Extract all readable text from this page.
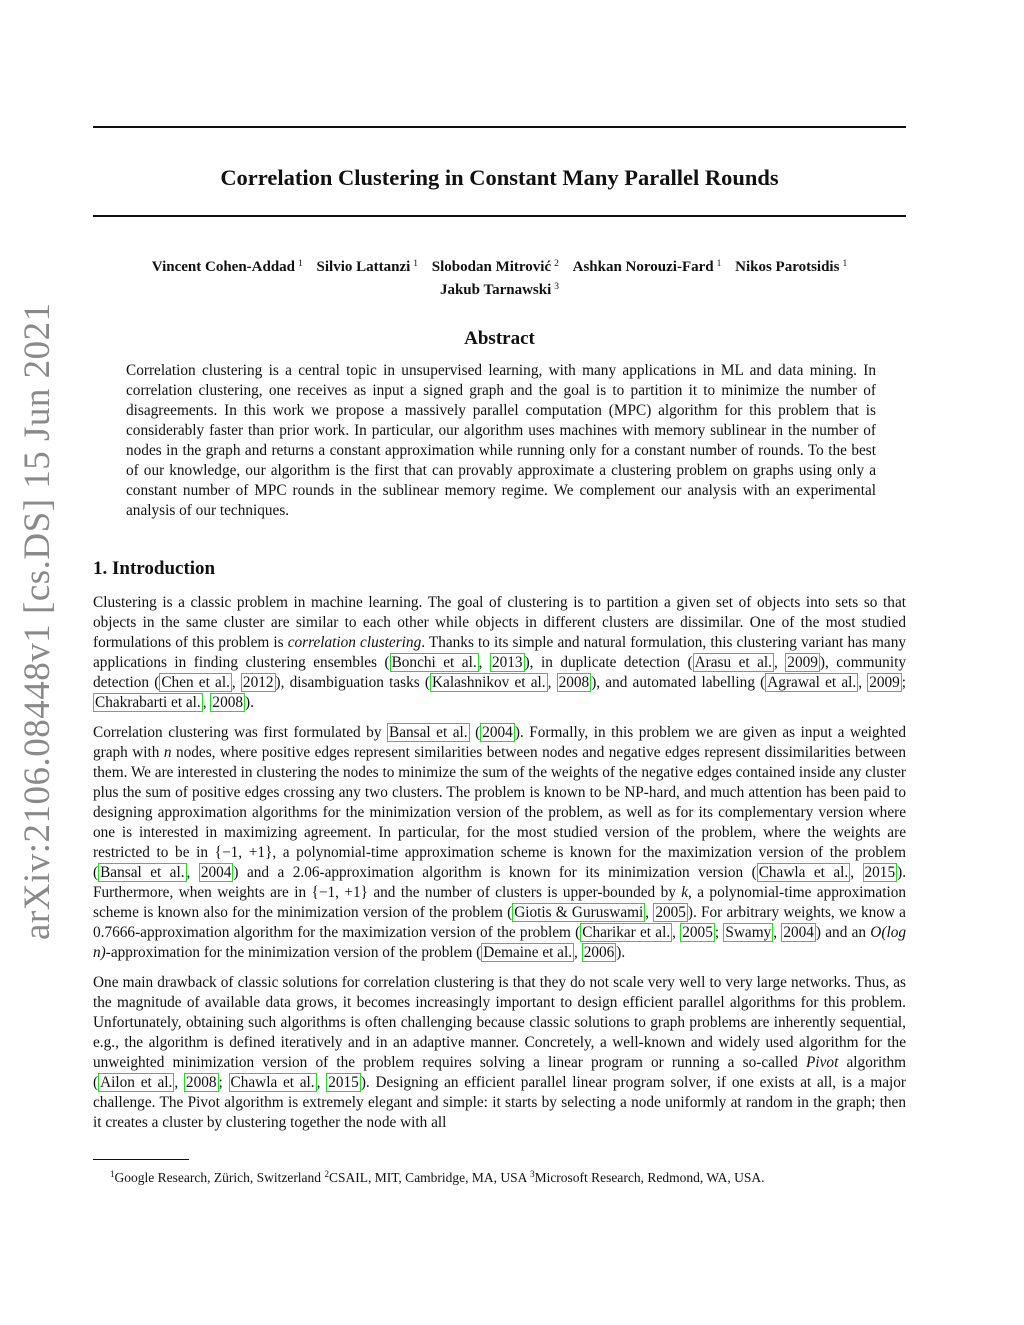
arXiv:2106.08448v1 [cs.DS] 15 Jun 2021
Correlation Clustering in Constant Many Parallel Rounds
Vincent Cohen-Addad $^1$ Silvio Lattanzi $^1$ Slobodan Mitrović $^2$ Ashkan Norouzi-Fard $^1$ Nikos Parotsidis $^1$
Jakub Tarnawski $^3$
Abstract

Correlation clustering is a central topic in unsupervised learning, with many applications in ML and data mining. In correlation clustering, one receives as input a signed graph and the goal is to partition it to minimize the number of disagreements. In this work we propose a massively parallel computation (MPC) algorithm for this problem that is considerably faster than prior work. In particular, our algorithm uses machines with memory sublinear in the number of nodes in the graph and returns a constant approximation while running only for a constant number of rounds. To the best of our knowledge, our algorithm is the first that can provably approximate a clustering problem on graphs using only a constant number of MPC rounds in the sublinear memory regime. We complement our analysis with an experimental analysis of our techniques.

1. Introduction

Clustering is a classic problem in machine learning. The goal of clustering is to partition a given set of objects into sets so that objects in the same cluster are similar to each other while objects in different clusters are dissimilar. One of the most studied formulations of this problem is correlation clustering. Thanks to its simple and natural formulation, this clustering variant has many applications in finding clustering ensembles ( Bonchi et al. , 2013 ), in duplicate detection ( Arasu et al. , 2009 ), community detection ( Chen et al. , 2012 ), disambiguation tasks ( Kalashnikov et al. , 2008 ), and automated labelling ( Agrawal et al. , 2009 ; Chakrabarti et al. , 2008 ).

Correlation clustering was first formulated by Bansal et al. ( 2004 ). Formally, in this problem we are given as input a weighted graph with n nodes, where positive edges represent similarities between nodes and negative edges represent dissimilarities between them. We are interested in clustering the nodes to minimize the sum of the weights of the negative edges contained inside any cluster plus the sum of positive edges crossing any two clusters. The problem is known to be NP-hard, and much attention has been paid to designing approximation algorithms for the minimization version of the problem, as well as for its complementary version where one is interested in maximizing agreement. In particular, for the most studied version of the problem, where the weights are restricted to be in {−1, +1}, a polynomial-time approximation scheme is known for the maximization version of the problem ( Bansal et al. , 2004 ) and a 2.06-approximation algorithm is known for its minimization version ( Chawla et al. , 2015 ). Furthermore, when weights are in {−1, +1} and the number of clusters is upper-bounded by k, a polynomial-time approximation scheme is known also for the minimization version of the problem ( Giotis & Guruswami , 2005 ). For arbitrary weights, we know a 0.7666-approximation algorithm for the maximization version of the problem ( Charikar et al. , 2005 ; Swamy , 2004 ) and an O(log n)-approximation for the minimization version of the problem ( Demaine et al. , 2006 ).

One main drawback of classic solutions for correlation clustering is that they do not scale very well to very large networks. Thus, as the magnitude of available data grows, it becomes increasingly important to design efficient parallel algorithms for this problem. Unfortunately, obtaining such algorithms is often challenging because classic solutions to graph problems are inherently sequential, e.g., the algorithm is defined iteratively and in an adaptive manner. Concretely, a well-known and widely used algorithm for the unweighted minimization version of the problem requires solving a linear program or running a so-called Pivot algorithm ( Ailon et al. , 2008 ; Chawla et al. , 2015 ). Designing an efficient parallel linear program solver, if one exists at all, is a major challenge. The Pivot algorithm is extremely elegant and simple: it starts by selecting a node uniformly at random in the graph; then it creates a cluster by clustering together the node with all

$^1$Google Research, Zürich, Switzerland $^2$CSAIL, MIT, Cambridge, MA, USA $^3$Microsoft Research, Redmond, WA, USA.
